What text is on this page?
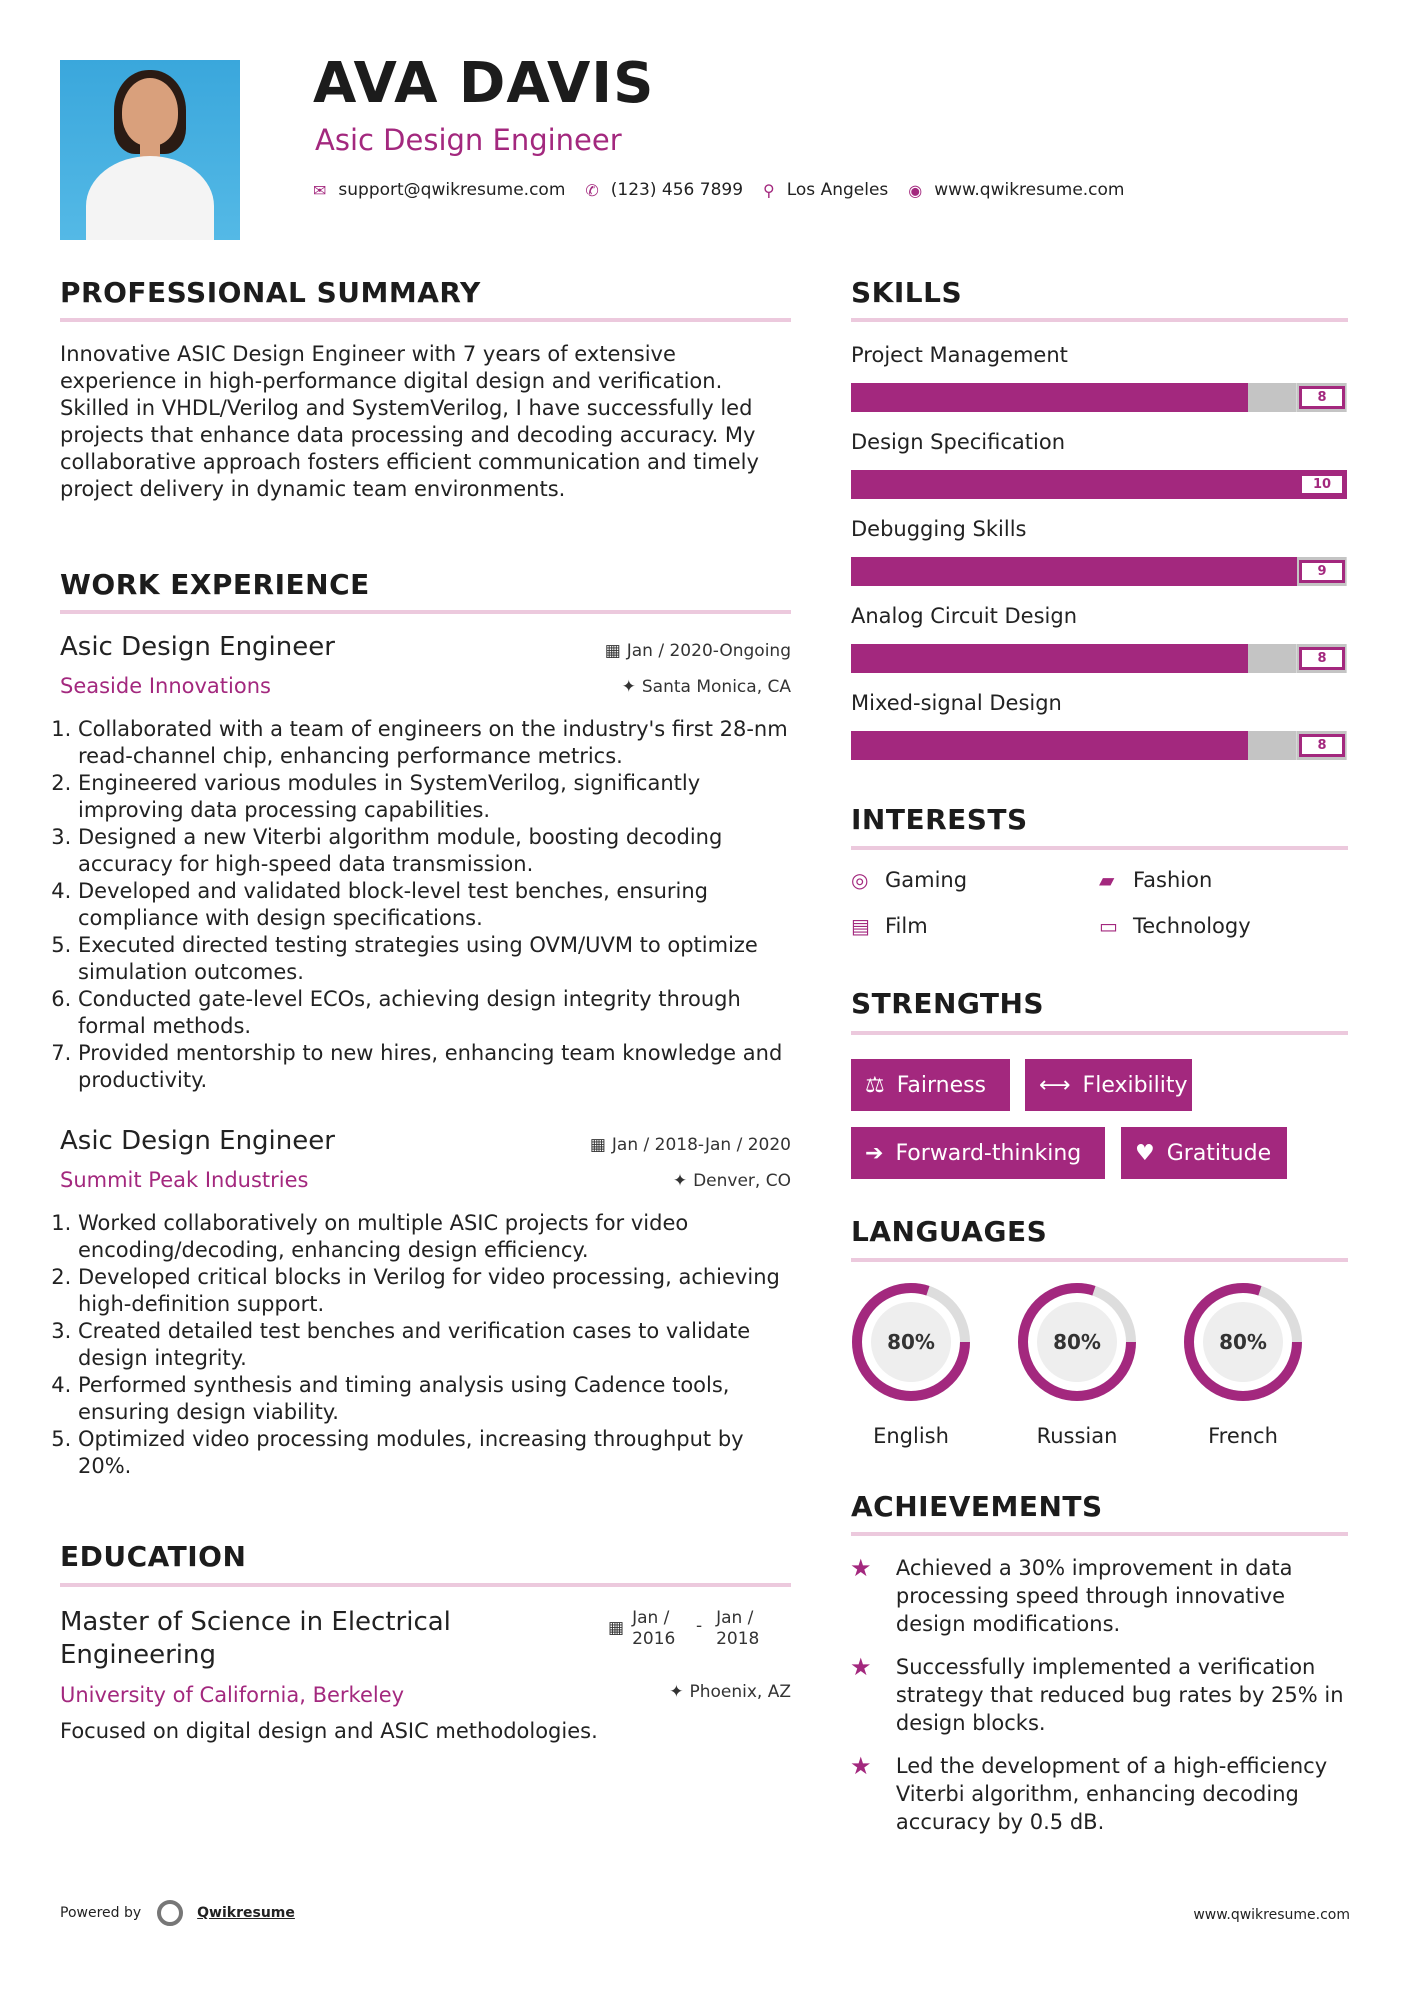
AVA DAVIS
Asic Design Engineer
✉ support@qwikresume.com ✆ (123) 456 7899 ⚲ Los Angeles ◉ www.qwikresume.com
PROFESSIONAL SUMMARY
Innovative ASIC Design Engineer with 7 years of extensive experience in high-performance digital design and verification. Skilled in VHDL/Verilog and SystemVerilog, I have successfully led projects that enhance data processing and decoding accuracy. My collaborative approach fosters efficient communication and timely project delivery in dynamic team environments.
WORK EXPERIENCE
Asic Design Engineer	▦ Jan / 2020-Ongoing
Seaside Innovations	✦ Santa Monica, CA
1. Collaborated with a team of engineers on the industry's first 28-nm read-channel chip, enhancing performance metrics.
2. Engineered various modules in SystemVerilog, significantly improving data processing capabilities.
3. Designed a new Viterbi algorithm module, boosting decoding accuracy for high-speed data transmission.
4. Developed and validated block-level test benches, ensuring compliance with design specifications.
5. Executed directed testing strategies using OVM/UVM to optimize simulation outcomes.
6. Conducted gate-level ECOs, achieving design integrity through formal methods.
7. Provided mentorship to new hires, enhancing team knowledge and productivity.
Asic Design Engineer	▦ Jan / 2018-Jan / 2020
Summit Peak Industries	✦ Denver, CO
1. Worked collaboratively on multiple ASIC projects for video encoding/decoding, enhancing design efficiency.
2. Developed critical blocks in Verilog for video processing, achieving high-definition support.
3. Created detailed test benches and verification cases to validate design integrity.
4. Performed synthesis and timing analysis using Cadence tools, ensuring design viability.
5. Optimized video processing modules, increasing throughput by 20%.
EDUCATION
Master of Science in Electrical Engineering
▦ Jan / 2016
- Jan / 2018
University of California, Berkeley	✦ Phoenix, AZ
Focused on digital design and ASIC methodologies.
SKILLS
Project Management
8
Design Specification
10
Debugging Skills
9
Analog Circuit Design
8
Mixed-signal Design
8
INTERESTS
◎ Gaming	▰ Fashion
▤ Film	▭ Technology
STRENGTHS
⚖ Fairness ⟷ Flexibility
➔ Forward-thinking ♥ Gratitude
LANGUAGES
80%
English
80%
Russian
80%
French
ACHIEVEMENTS
★	Achieved a 30% improvement in data processing speed through innovative design modifications.
★	Successfully implemented a verification strategy that reduced bug rates by 25% in design blocks.
★	Led the development of a high-efficiency Viterbi algorithm, enhancing decoding accuracy by 0.5 dB.
Powered by	Qwikresume	www.qwikresume.com
